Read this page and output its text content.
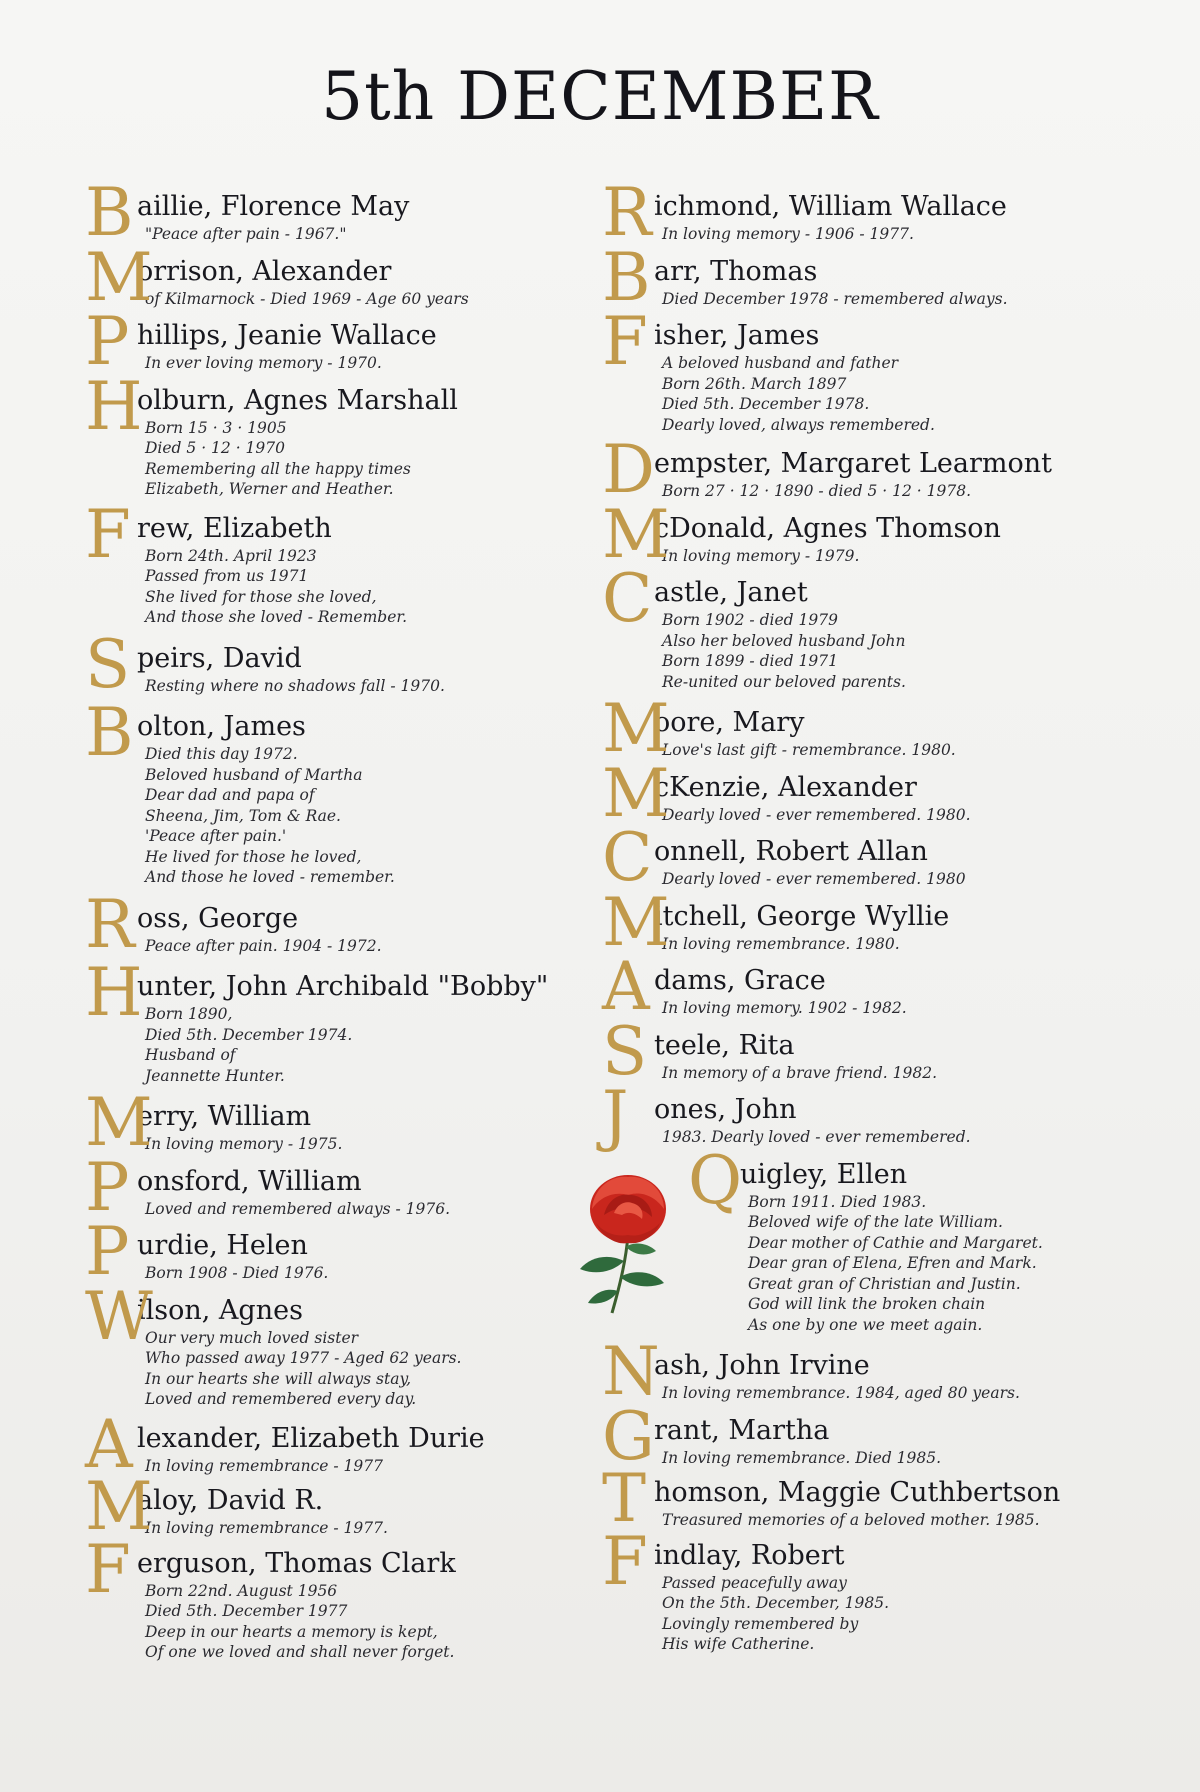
5th DECEMBER
B aillie, Florence May
"Peace after pain - 1967."
M
orrison, Alexander
of Kilmarnock - Died 1969 - Age 60 years
P hillips, Jeanie Wallace
In ever loving memory - 1970.
H
olburn, Agnes Marshall
Born 15 · 3 · 1905
Died 5 · 12 · 1970
Remembering all the happy times
Elizabeth, Werner and Heather.
F rew, Elizabeth
Born 24th. April 1923
Passed from us 1971
She lived for those she loved,
And those she loved - Remember.
S peirs, David
Resting where no shadows fall - 1970.
B olton, James
Died this day 1972.
Beloved husband of Martha
Dear dad and papa of
Sheena, Jim, Tom & Rae.
'Peace after pain.'
He lived for those he loved,
And those he loved - remember.
R oss, George
Peace after pain. 1904 - 1972.
H
unter, John Archibald "Bobby"
Born 1890,
Died 5th. December 1974.
Husband of
Jeannette Hunter.
M
erry, William
In loving memory - 1975.
P onsford, William
Loved and remembered always - 1976.
P urdie, Helen
Born 1908 - Died 1976.
W
ilson, Agnes
Our very much loved sister
Who passed away 1977 - Aged 62 years.
In our hearts she will always stay,
Loved and remembered every day.
A lexander, Elizabeth Durie
In loving remembrance - 1977
M
aloy, David R.
In loving remembrance - 1977.
F erguson, Thomas Clark
Born 22nd. August 1956
Died 5th. December 1977
Deep in our hearts a memory is kept,
Of one we loved and shall never forget.
R ichmond, William Wallace
In loving memory - 1906 - 1977.
B arr, Thomas
Died December 1978 - remembered always.
F isher, James
A beloved husband and father
Born 26th. March 1897
Died 5th. December 1978.
Dearly loved, always remembered.
D empster, Margaret Learmont
Born 27 · 12 · 1890 - died 5 · 12 · 1978.
M
cDonald, Agnes Thomson
In loving memory - 1979.
C astle, Janet
Born 1902 - died 1979
Also her beloved husband John
Born 1899 - died 1971
Re-united our beloved parents.
M
oore, Mary
Love's last gift - remembrance. 1980.
M
cKenzie, Alexander
Dearly loved - ever remembered. 1980.
C onnell, Robert Allan
Dearly loved - ever remembered. 1980
M
itchell, George Wyllie
In loving remembrance. 1980.
A dams, Grace
In loving memory. 1902 - 1982.
S teele, Rita
In memory of a brave friend. 1982.
J ones, John
1983. Dearly loved - ever remembered.
Q
uigley, Ellen
Born 1911. Died 1983.
Beloved wife of the late William.
Dear mother of Cathie and Margaret.
Dear gran of Elena, Efren and Mark.
Great gran of Christian and Justin.
God will link the broken chain
As one by one we meet again.
N
ash, John Irvine
In loving remembrance. 1984, aged 80 years.
G rant, Martha
In loving remembrance. Died 1985.
T homson, Maggie Cuthbertson
Treasured memories of a beloved mother. 1985.
F indlay, Robert
Passed peacefully away
On the 5th. December, 1985.
Lovingly remembered by
His wife Catherine.
